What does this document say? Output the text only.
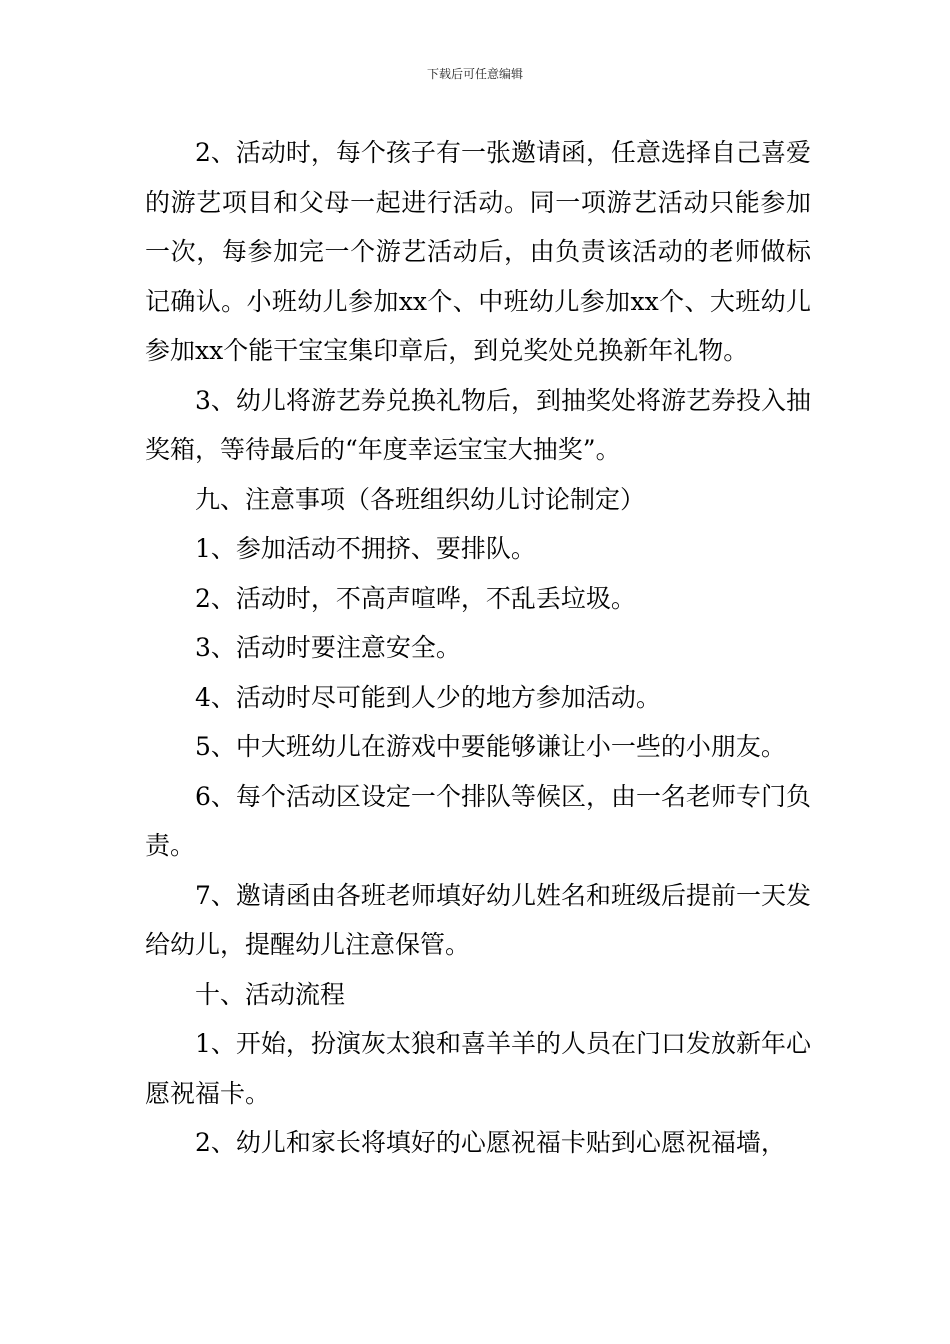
下载后可任意编辑

2、活动时，每个孩子有一张邀请函，任意选择自己喜爱的游艺项目和父母一起进行活动。同一项游艺活动只能参加一次，每参加完一个游艺活动后，由负责该活动的老师做标记确认。小班幼儿参加xx个、中班幼儿参加xx个、大班幼儿参加xx个能干宝宝集印章后，到兑奖处兑换新年礼物。

3、幼儿将游艺券兑换礼物后，到抽奖处将游艺券投入抽奖箱，等待最后的“年度幸运宝宝大抽奖”。

九、注意事项（各班组织幼儿讨论制定）

1、参加活动不拥挤、要排队。

2、活动时，不高声喧哗，不乱丢垃圾。

3、活动时要注意安全。

4、活动时尽可能到人少的地方参加活动。

5、中大班幼儿在游戏中要能够谦让小一些的小朋友。

6、每个活动区设定一个排队等候区，由一名老师专门负责。

7、邀请函由各班老师填好幼儿姓名和班级后提前一天发给幼儿，提醒幼儿注意保管。

十、活动流程

1、开始，扮演灰太狼和喜羊羊的人员在门口发放新年心愿祝福卡。

2、幼儿和家长将填好的心愿祝福卡贴到心愿祝福墙，
